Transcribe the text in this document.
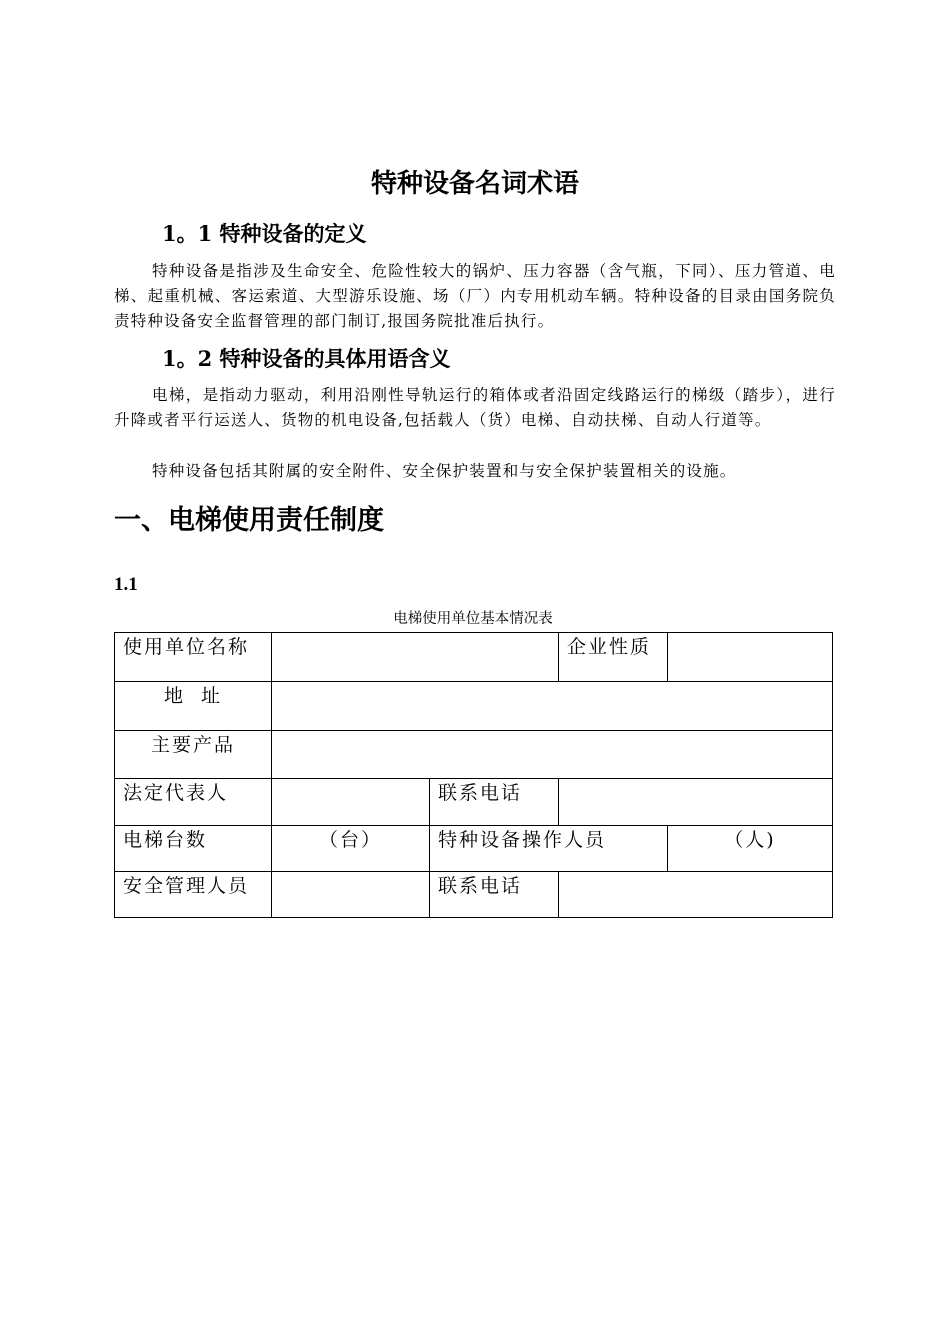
特种设备名词术语
1。1 特种设备的定义
特种设备是指涉及生命安全、危险性较大的锅炉、压力容器（含气瓶，下同）、压力管道、电梯、起重机械、客运索道、大型游乐设施、场（厂）内专用机动车辆。特种设备的目录由国务院负责特种设备安全监督管理的部门制订,报国务院批准后执行。
1。2 特种设备的具体用语含义
电梯，是指动力驱动，利用沿刚性导轨运行的箱体或者沿固定线路运行的梯级（踏步），进行升降或者平行运送人、货物的机电设备,包括载人（货）电梯、自动扶梯、自动人行道等。
特种设备包括其附属的安全附件、安全保护装置和与安全保护装置相关的设施。
一、电梯使用责任制度
1.1
电梯使用单位基本情况表
使用单位名称			企业性质	
地  址				
主要产品				
法定代表人		联系电话		
电梯台数	（台）	特种设备操作人员		（人)
安全管理人员		联系电话		
